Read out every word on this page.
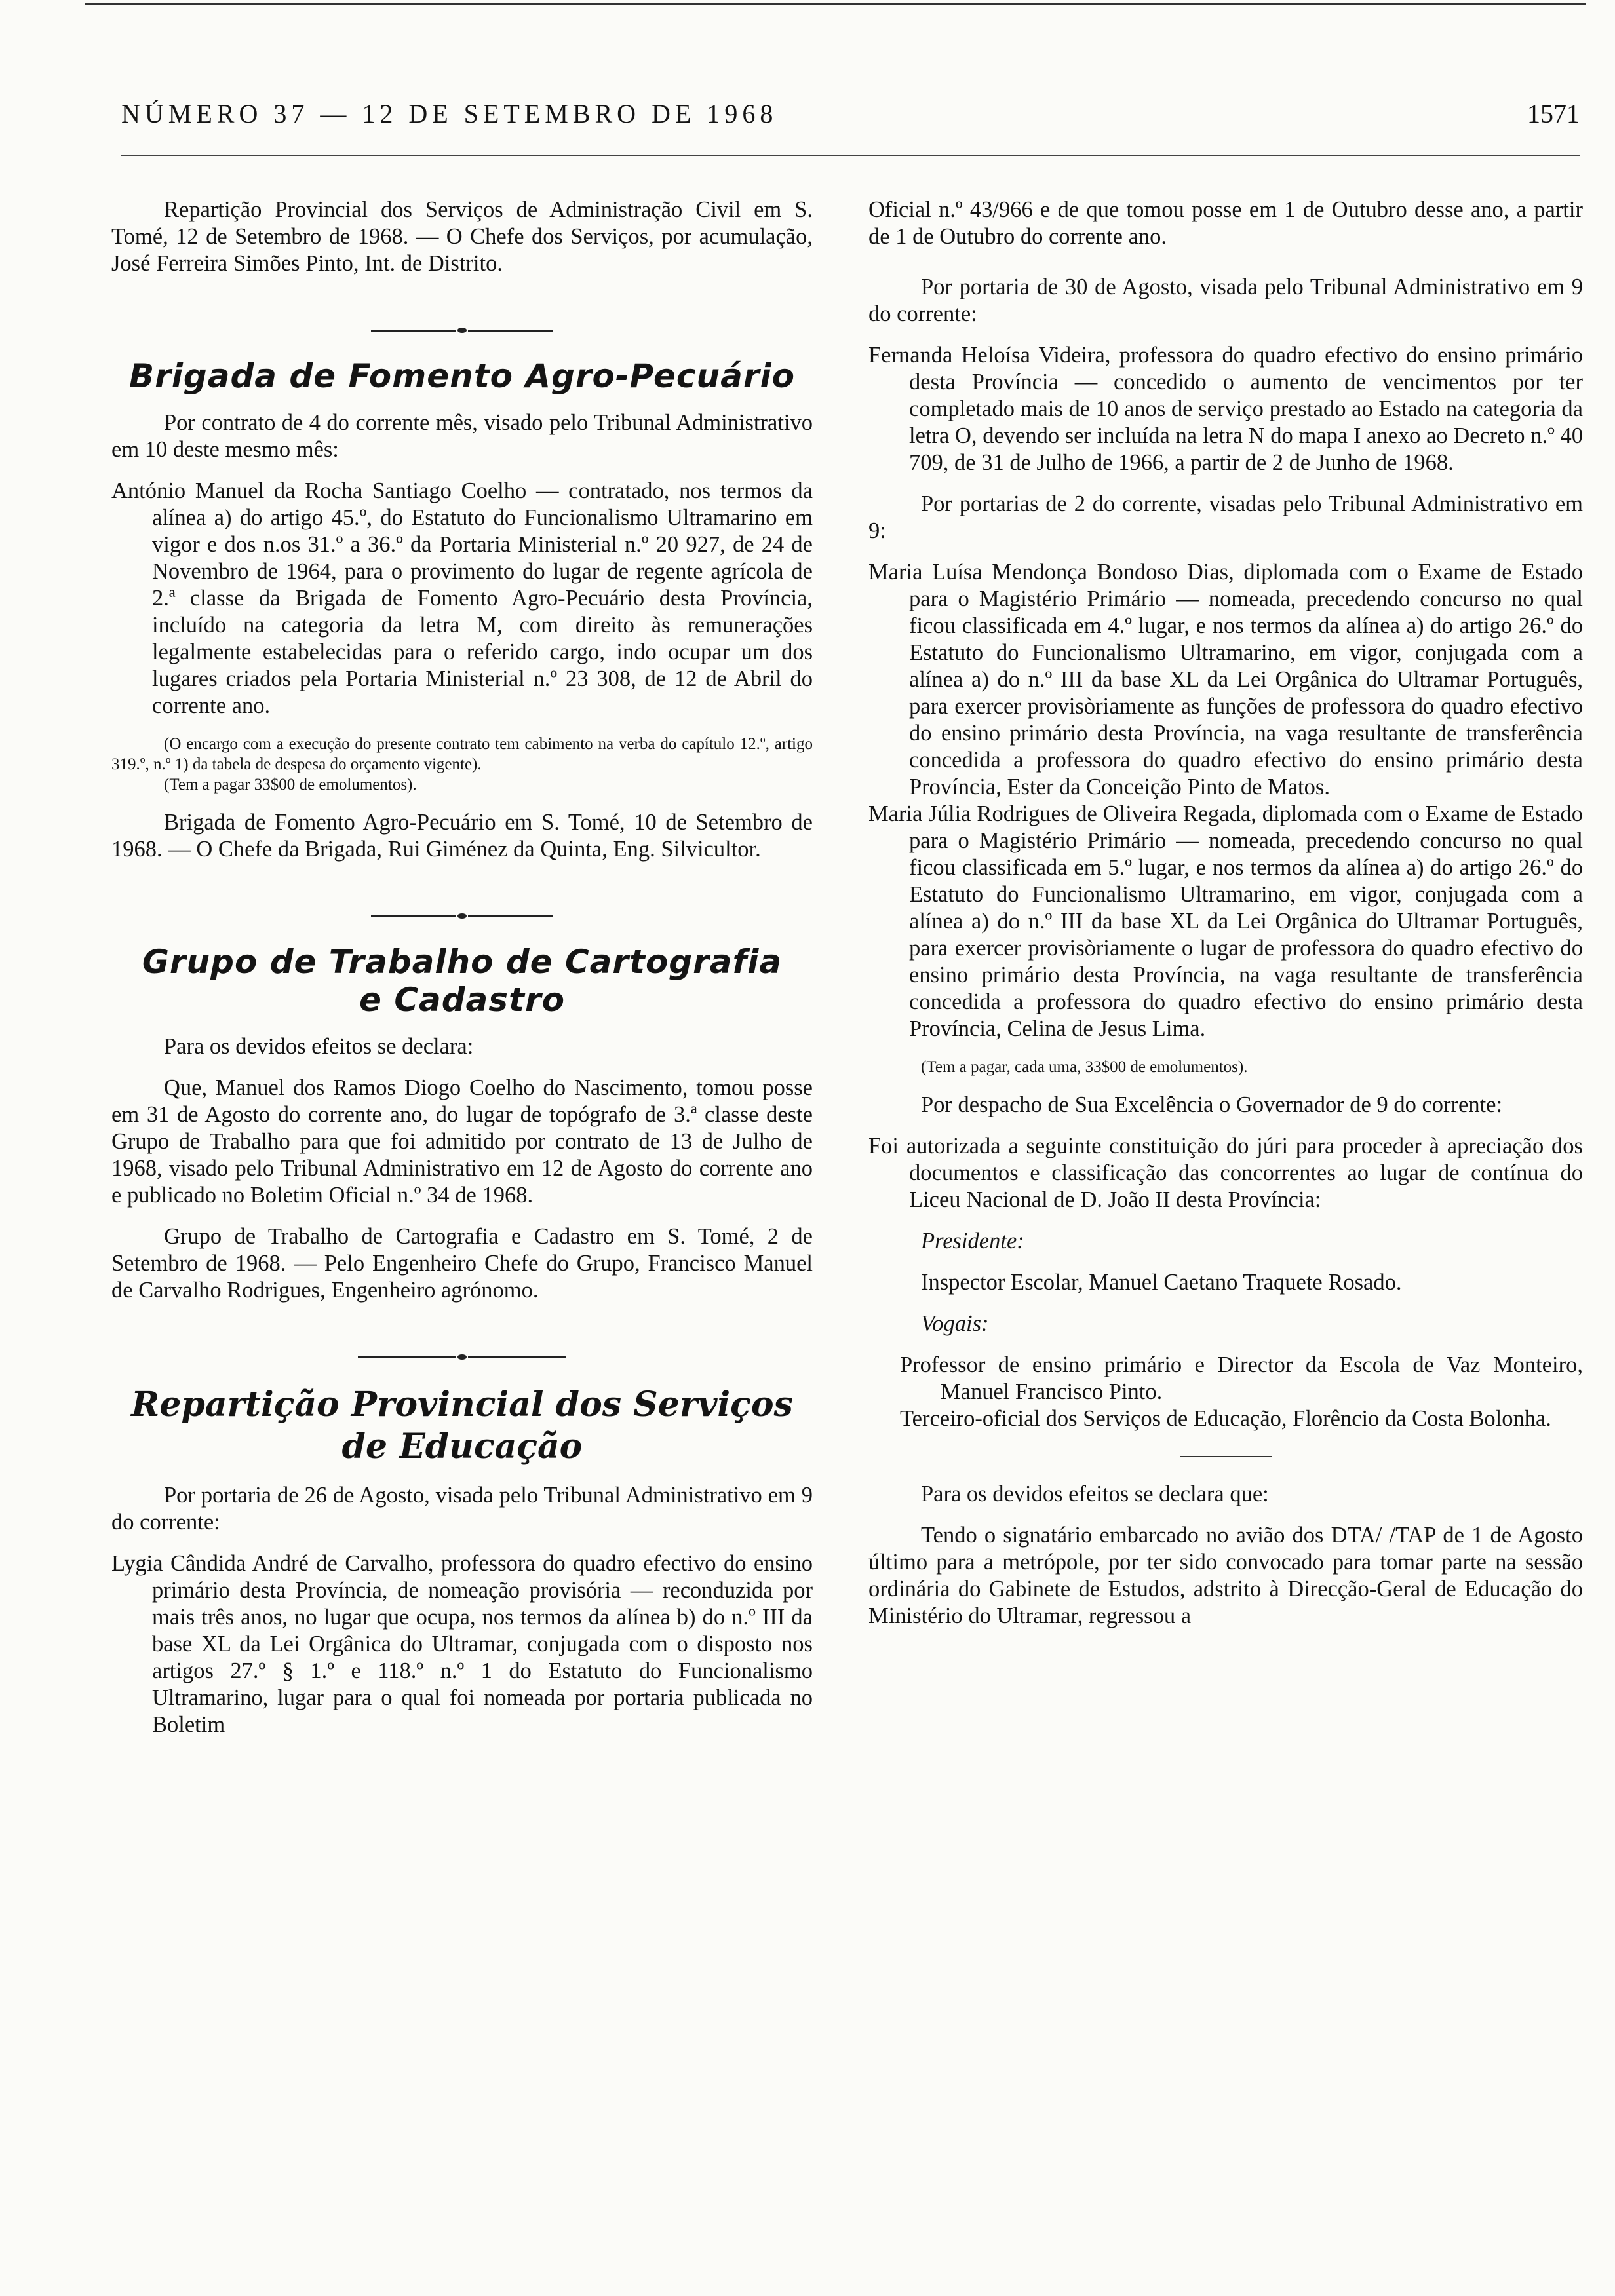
NÚMERO 37 — 12 DE SETEMBRO DE 1968	1571

Repartição Provincial dos Serviços de Administração Civil em S. Tomé, 12 de Setembro de 1968. — O Chefe dos Serviços, por acumulação, José Ferreira Simões Pinto, Int. de Distrito.

Brigada de Fomento Agro-Pecuário

Por contrato de 4 do corrente mês, visado pelo Tribunal Administrativo em 10 deste mesmo mês:

António Manuel da Rocha Santiago Coelho — contratado, nos termos da alínea a) do artigo 45.º, do Estatuto do Funcionalismo Ultramarino em vigor e dos n.os 31.º a 36.º da Portaria Ministerial n.º 20 927, de 24 de Novembro de 1964, para o provimento do lugar de regente agrícola de 2.ª classe da Brigada de Fomento Agro-Pecuário desta Província, incluído na categoria da letra M, com direito às remunerações legalmente estabelecidas para o referido cargo, indo ocupar um dos lugares criados pela Portaria Ministerial n.º 23 308, de 12 de Abril do corrente ano.

(O encargo com a execução do presente contrato tem cabimento na verba do capítulo 12.º, artigo 319.º, n.º 1) da tabela de despesa do orçamento vigente).

(Tem a pagar 33$00 de emolumentos).

Brigada de Fomento Agro-Pecuário em S. Tomé, 10 de Setembro de 1968. — O Chefe da Brigada, Rui Giménez da Quinta, Eng. Silvicultor.

Grupo de Trabalho de Cartografia
e Cadastro

Para os devidos efeitos se declara:

Que, Manuel dos Ramos Diogo Coelho do Nascimento, tomou posse em 31 de Agosto do corrente ano, do lugar de topógrafo de 3.ª classe deste Grupo de Trabalho para que foi admitido por contrato de 13 de Julho de 1968, visado pelo Tribunal Administrativo em 12 de Agosto do corrente ano e publicado no Boletim Oficial n.º 34 de 1968.

Grupo de Trabalho de Cartografia e Cadastro em S. Tomé, 2 de Setembro de 1968. — Pelo Engenheiro Chefe do Grupo, Francisco Manuel de Carvalho Rodrigues, Engenheiro agrónomo.

Repartição Provincial dos Serviços
de Educação

Por portaria de 26 de Agosto, visada pelo Tribunal Administrativo em 9 do corrente:

Lygia Cândida André de Carvalho, professora do quadro efectivo do ensino primário desta Província, de nomeação provisória — reconduzida por mais três anos, no lugar que ocupa, nos termos da alínea b) do n.º III da base XL da Lei Orgânica do Ultramar, conjugada com o disposto nos artigos 27.º § 1.º e 118.º n.º 1 do Estatuto do Funcionalismo Ultramarino, lugar para o qual foi nomeada por portaria publicada no Boletim

Oficial n.º 43/966 e de que tomou posse em 1 de Outubro desse ano, a partir de 1 de Outubro do corrente ano.

Por portaria de 30 de Agosto, visada pelo Tribunal Administrativo em 9 do corrente:

Fernanda Heloísa Videira, professora do quadro efectivo do ensino primário desta Província — concedido o aumento de vencimentos por ter completado mais de 10 anos de serviço prestado ao Estado na categoria da letra O, devendo ser incluída na letra N do mapa I anexo ao Decreto n.º 40 709, de 31 de Julho de 1966, a partir de 2 de Junho de 1968.

Por portarias de 2 do corrente, visadas pelo Tribunal Administrativo em 9:

Maria Luísa Mendonça Bondoso Dias, diplomada com o Exame de Estado para o Magistério Primário — nomeada, precedendo concurso no qual ficou classificada em 4.º lugar, e nos termos da alínea a) do artigo 26.º do Estatuto do Funcionalismo Ultramarino, em vigor, conjugada com a alínea a) do n.º III da base XL da Lei Orgânica do Ultramar Português, para exercer provisòriamente as funções de professora do quadro efectivo do ensino primário desta Província, na vaga resultante de transferência concedida a professora do quadro efectivo do ensino primário desta Província, Ester da Conceição Pinto de Matos.

Maria Júlia Rodrigues de Oliveira Regada, diplomada com o Exame de Estado para o Magistério Primário — nomeada, precedendo concurso no qual ficou classificada em 5.º lugar, e nos termos da alínea a) do artigo 26.º do Estatuto do Funcionalismo Ultramarino, em vigor, conjugada com a alínea a) do n.º III da base XL da Lei Orgânica do Ultramar Português, para exercer provisòriamente o lugar de professora do quadro efectivo do ensino primário desta Província, na vaga resultante de transferência concedida a professora do quadro efectivo do ensino primário desta Província, Celina de Jesus Lima.

(Tem a pagar, cada uma, 33$00 de emolumentos).

Por despacho de Sua Excelência o Governador de 9 do corrente:

Foi autorizada a seguinte constituição do júri para proceder à apreciação dos documentos e classificação das concorrentes ao lugar de contínua do Liceu Nacional de D. João II desta Província:

Presidente:

Inspector Escolar, Manuel Caetano Traquete Rosado.

Vogais:

Professor de ensino primário e Director da Escola de Vaz Monteiro, Manuel Francisco Pinto.

Terceiro-oficial dos Serviços de Educação, Florêncio da Costa Bolonha.

Para os devidos efeitos se declara que:

Tendo o signatário embarcado no avião dos DTA/ /TAP de 1 de Agosto último para a metrópole, por ter sido convocado para tomar parte na sessão ordinária do Gabinete de Estudos, adstrito à Direcção-Geral de Educação do Ministério do Ultramar, regressou a
